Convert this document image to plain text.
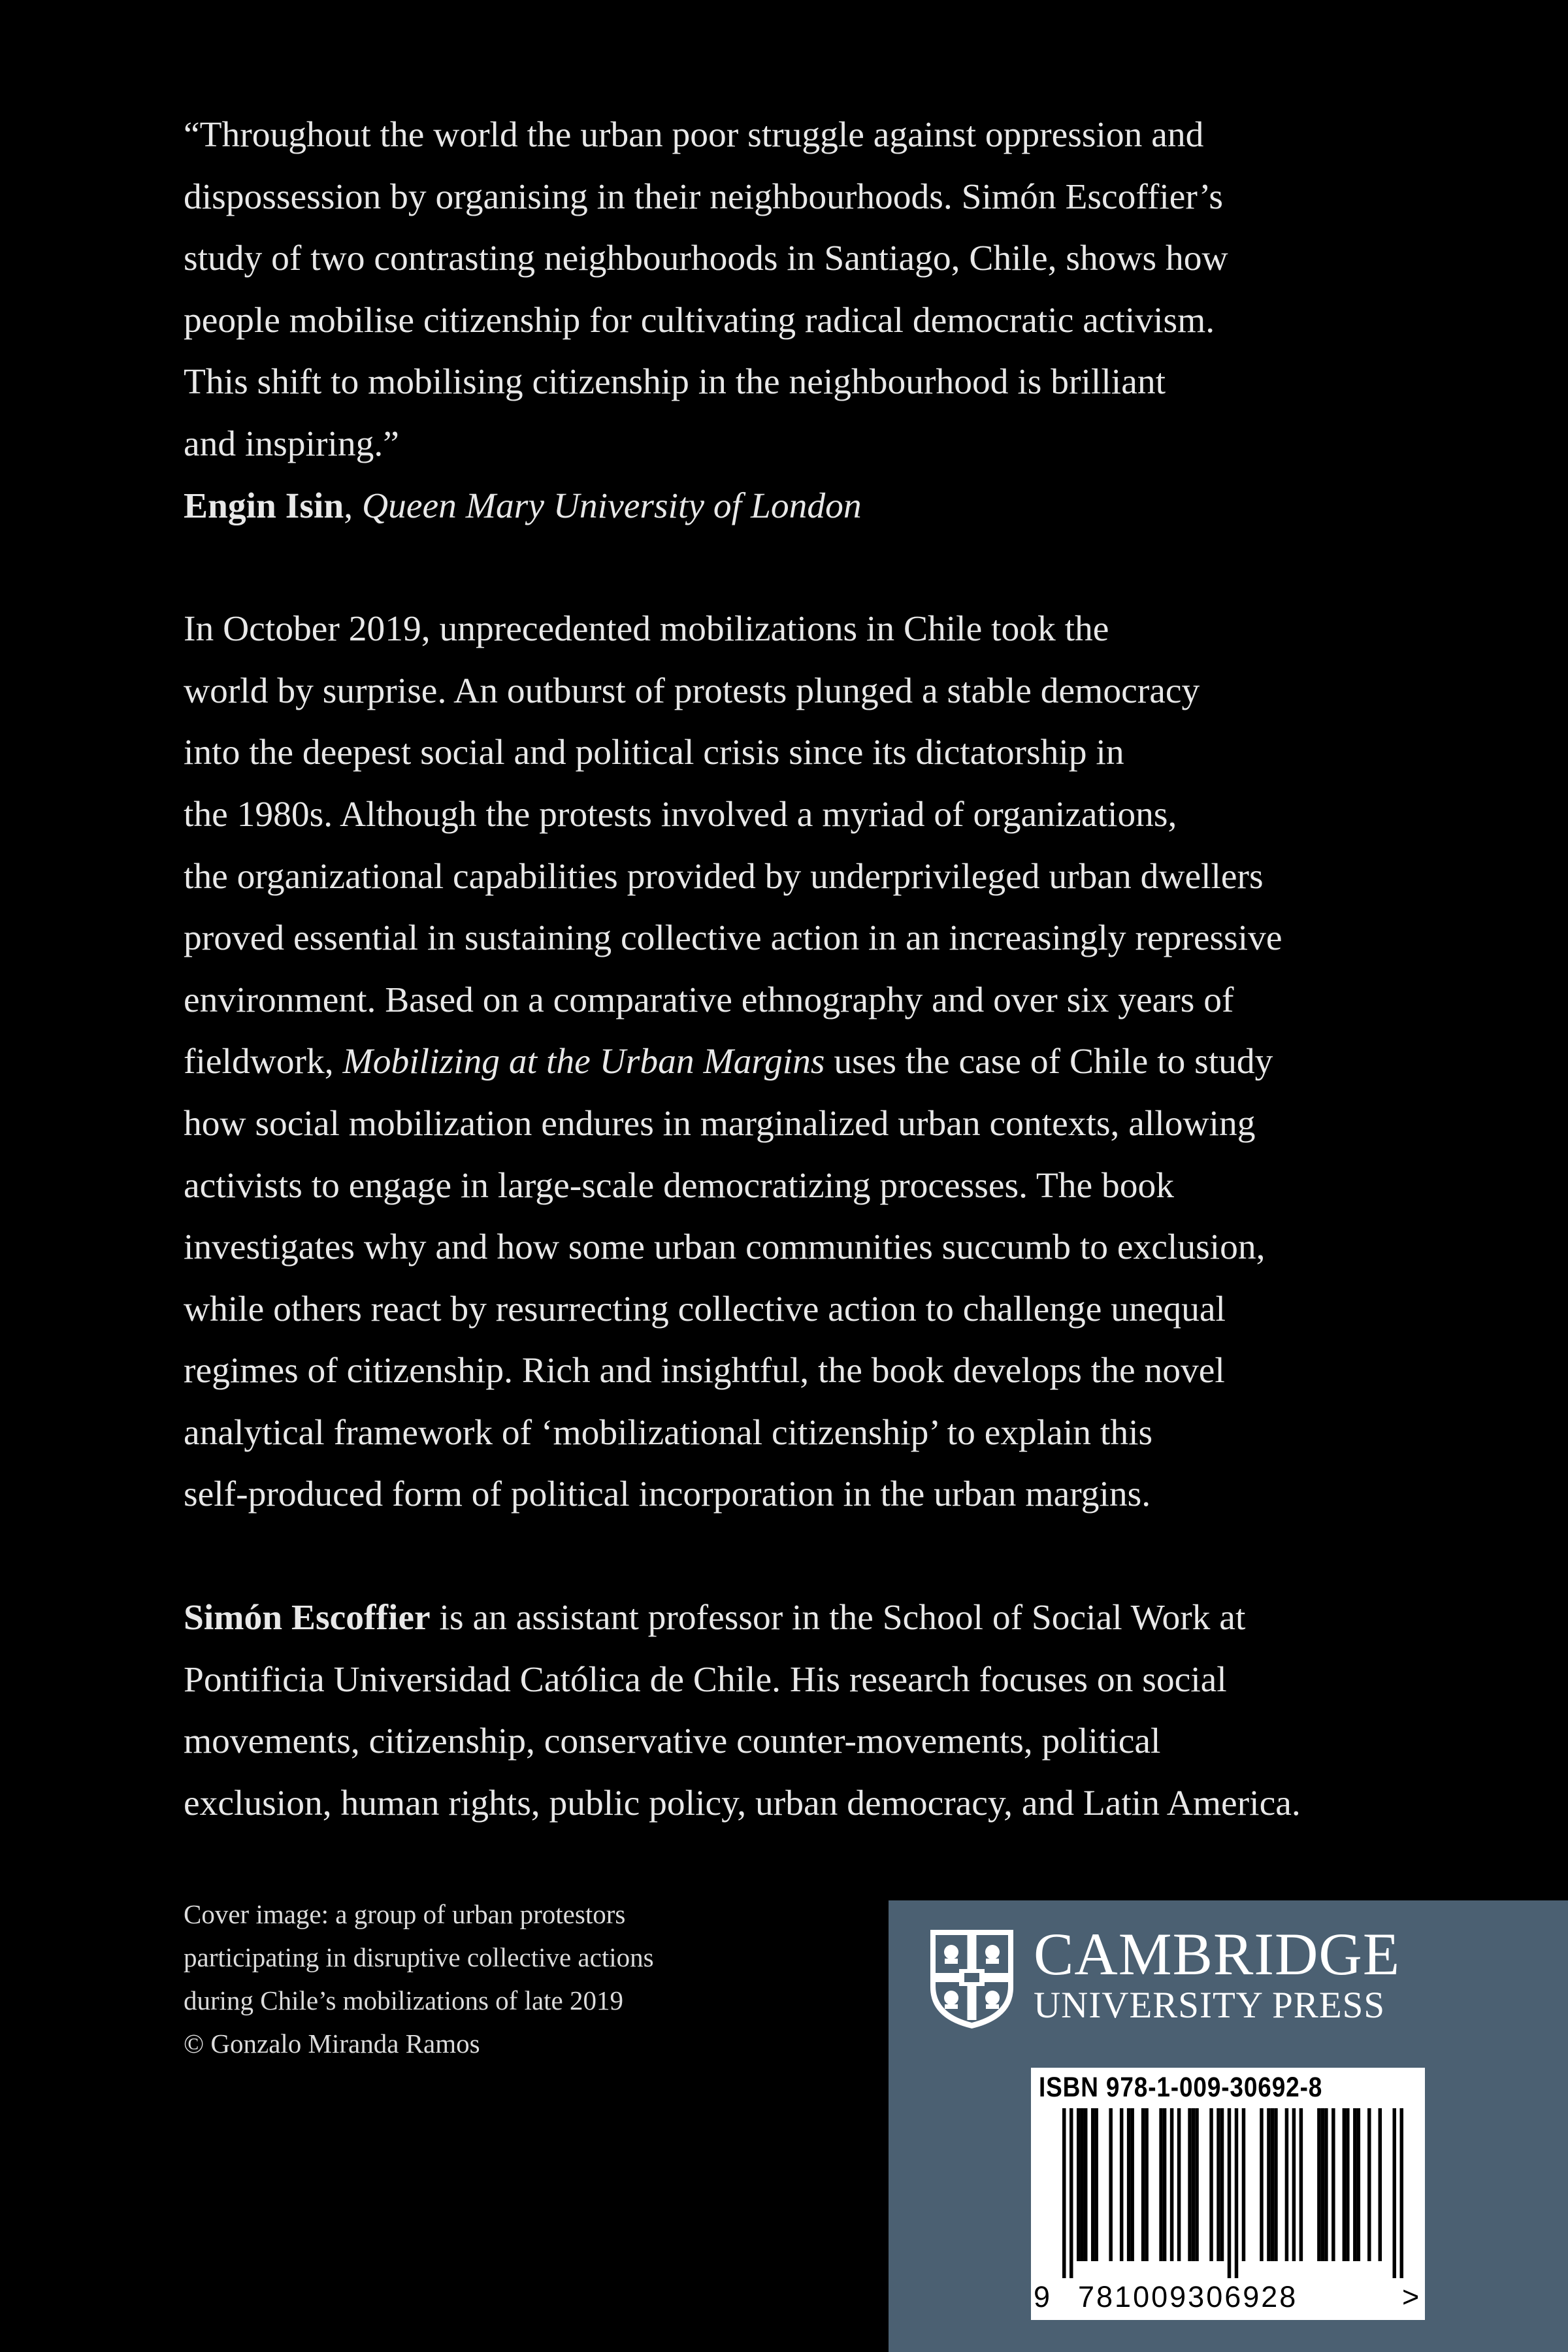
“Throughout the world the urban poor struggle against oppression and
dispossession by organising in their neighbourhoods. Simón Escoffier’s
study of two contrasting neighbourhoods in Santiago, Chile, shows how
people mobilise citizenship for cultivating radical democratic activism.
This shift to mobilising citizenship in the neighbourhood is brilliant
and inspiring.”
Engin Isin, Queen Mary University of London

In October 2019, unprecedented mobilizations in Chile took the
world by surprise. An outburst of protests plunged a stable democracy
into the deepest social and political crisis since its dictatorship in
the 1980s. Although the protests involved a myriad of organizations,
the organizational capabilities provided by underprivileged urban dwellers
proved essential in sustaining collective action in an increasingly repressive
environment. Based on a comparative ethnography and over six years of
fieldwork, Mobilizing at the Urban Margins uses the case of Chile to study
how social mobilization endures in marginalized urban contexts, allowing
activists to engage in large-scale democratizing processes. The book
investigates why and how some urban communities succumb to exclusion,
while others react by resurrecting collective action to challenge unequal
regimes of citizenship. Rich and insightful, the book develops the novel
analytical framework of ‘mobilizational citizenship’ to explain this
self-produced form of political incorporation in the urban margins.

Simón Escoffier is an assistant professor in the School of Social Work at
Pontificia Universidad Católica de Chile. His research focuses on social
movements, citizenship, conservative counter-movements, political
exclusion, human rights, public policy, urban democracy, and Latin America.

Cover image: a group of urban protestors
participating in disruptive collective actions
during Chile’s mobilizations of late 2019
© Gonzalo Miranda Ramos
CAMBRIDGE
UNIVERSITY PRESS
ISBN 978-1-009-30692-8
9 781009306928	>
